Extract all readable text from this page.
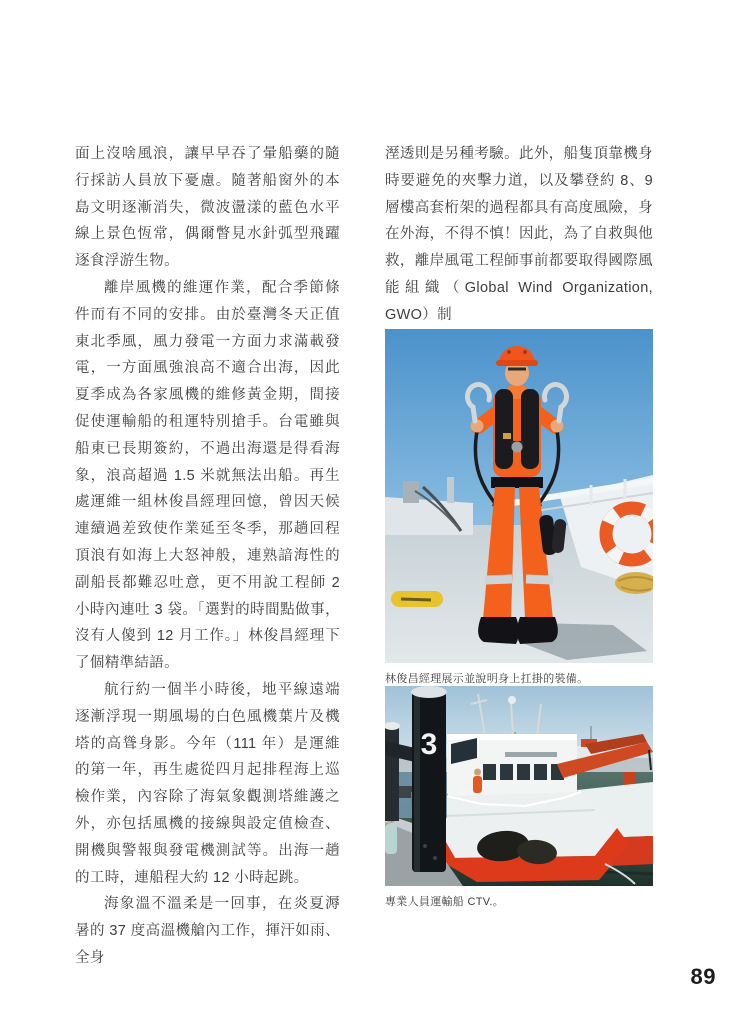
面上沒啥風浪，讓早早吞了暈船藥的隨行採訪人員放下憂慮。隨著船窗外的本島文明逐漸消失，微波盪漾的藍色水平線上景色恆常，偶爾瞥見水針弧型飛躍逐食浮游生物。

離岸風機的維運作業，配合季節條件而有不同的安排。由於臺灣冬天正值東北季風，風力發電一方面力求滿載發電，一方面風強浪高不適合出海，因此夏季成為各家風機的維修黃金期，間接促使運輸船的租運特別搶手。台電雖與船東已長期簽約，不過出海還是得看海象，浪高超過 1.5 米就無法出船。再生處運維一組林俊昌經理回憶，曾因天候連續過差致使作業延至冬季，那趟回程頂浪有如海上大怒神般，連熟諳海性的副船長都難忍吐意，更不用說工程師 2 小時內連吐 3 袋。「選對的時間點做事，沒有人傻到 12 月工作。」林俊昌經理下了個精準結語。

航行約一個半小時後，地平線遠端逐漸浮現一期風場的白色風機葉片及機塔的高聳身影。今年（111 年）是運維的第一年，再生處從四月起排程海上巡檢作業，內容除了海氣象觀測塔維護之外，亦包括風機的接線與設定值檢查、開機與警報與發電機測試等。出海一趟的工時，連船程大約 12 小時起跳。

海象溫不溫柔是一回事，在炎夏溽暑的 37 度高溫機艙內工作，揮汗如雨、全身

溼透則是另種考驗。此外，船隻頂靠機身時要避免的夾擊力道，以及攀登約 8、9 層樓高套桁架的過程都具有高度風險，身在外海，不得不慎！因此，為了自救與他救，離岸風電工程師事前都要取得國際風能組織（Global Wind Organization, GWO）制

林俊昌經理展示並說明身上扛掛的裝備。
3
專業人員運輸船 CTV.。
89
